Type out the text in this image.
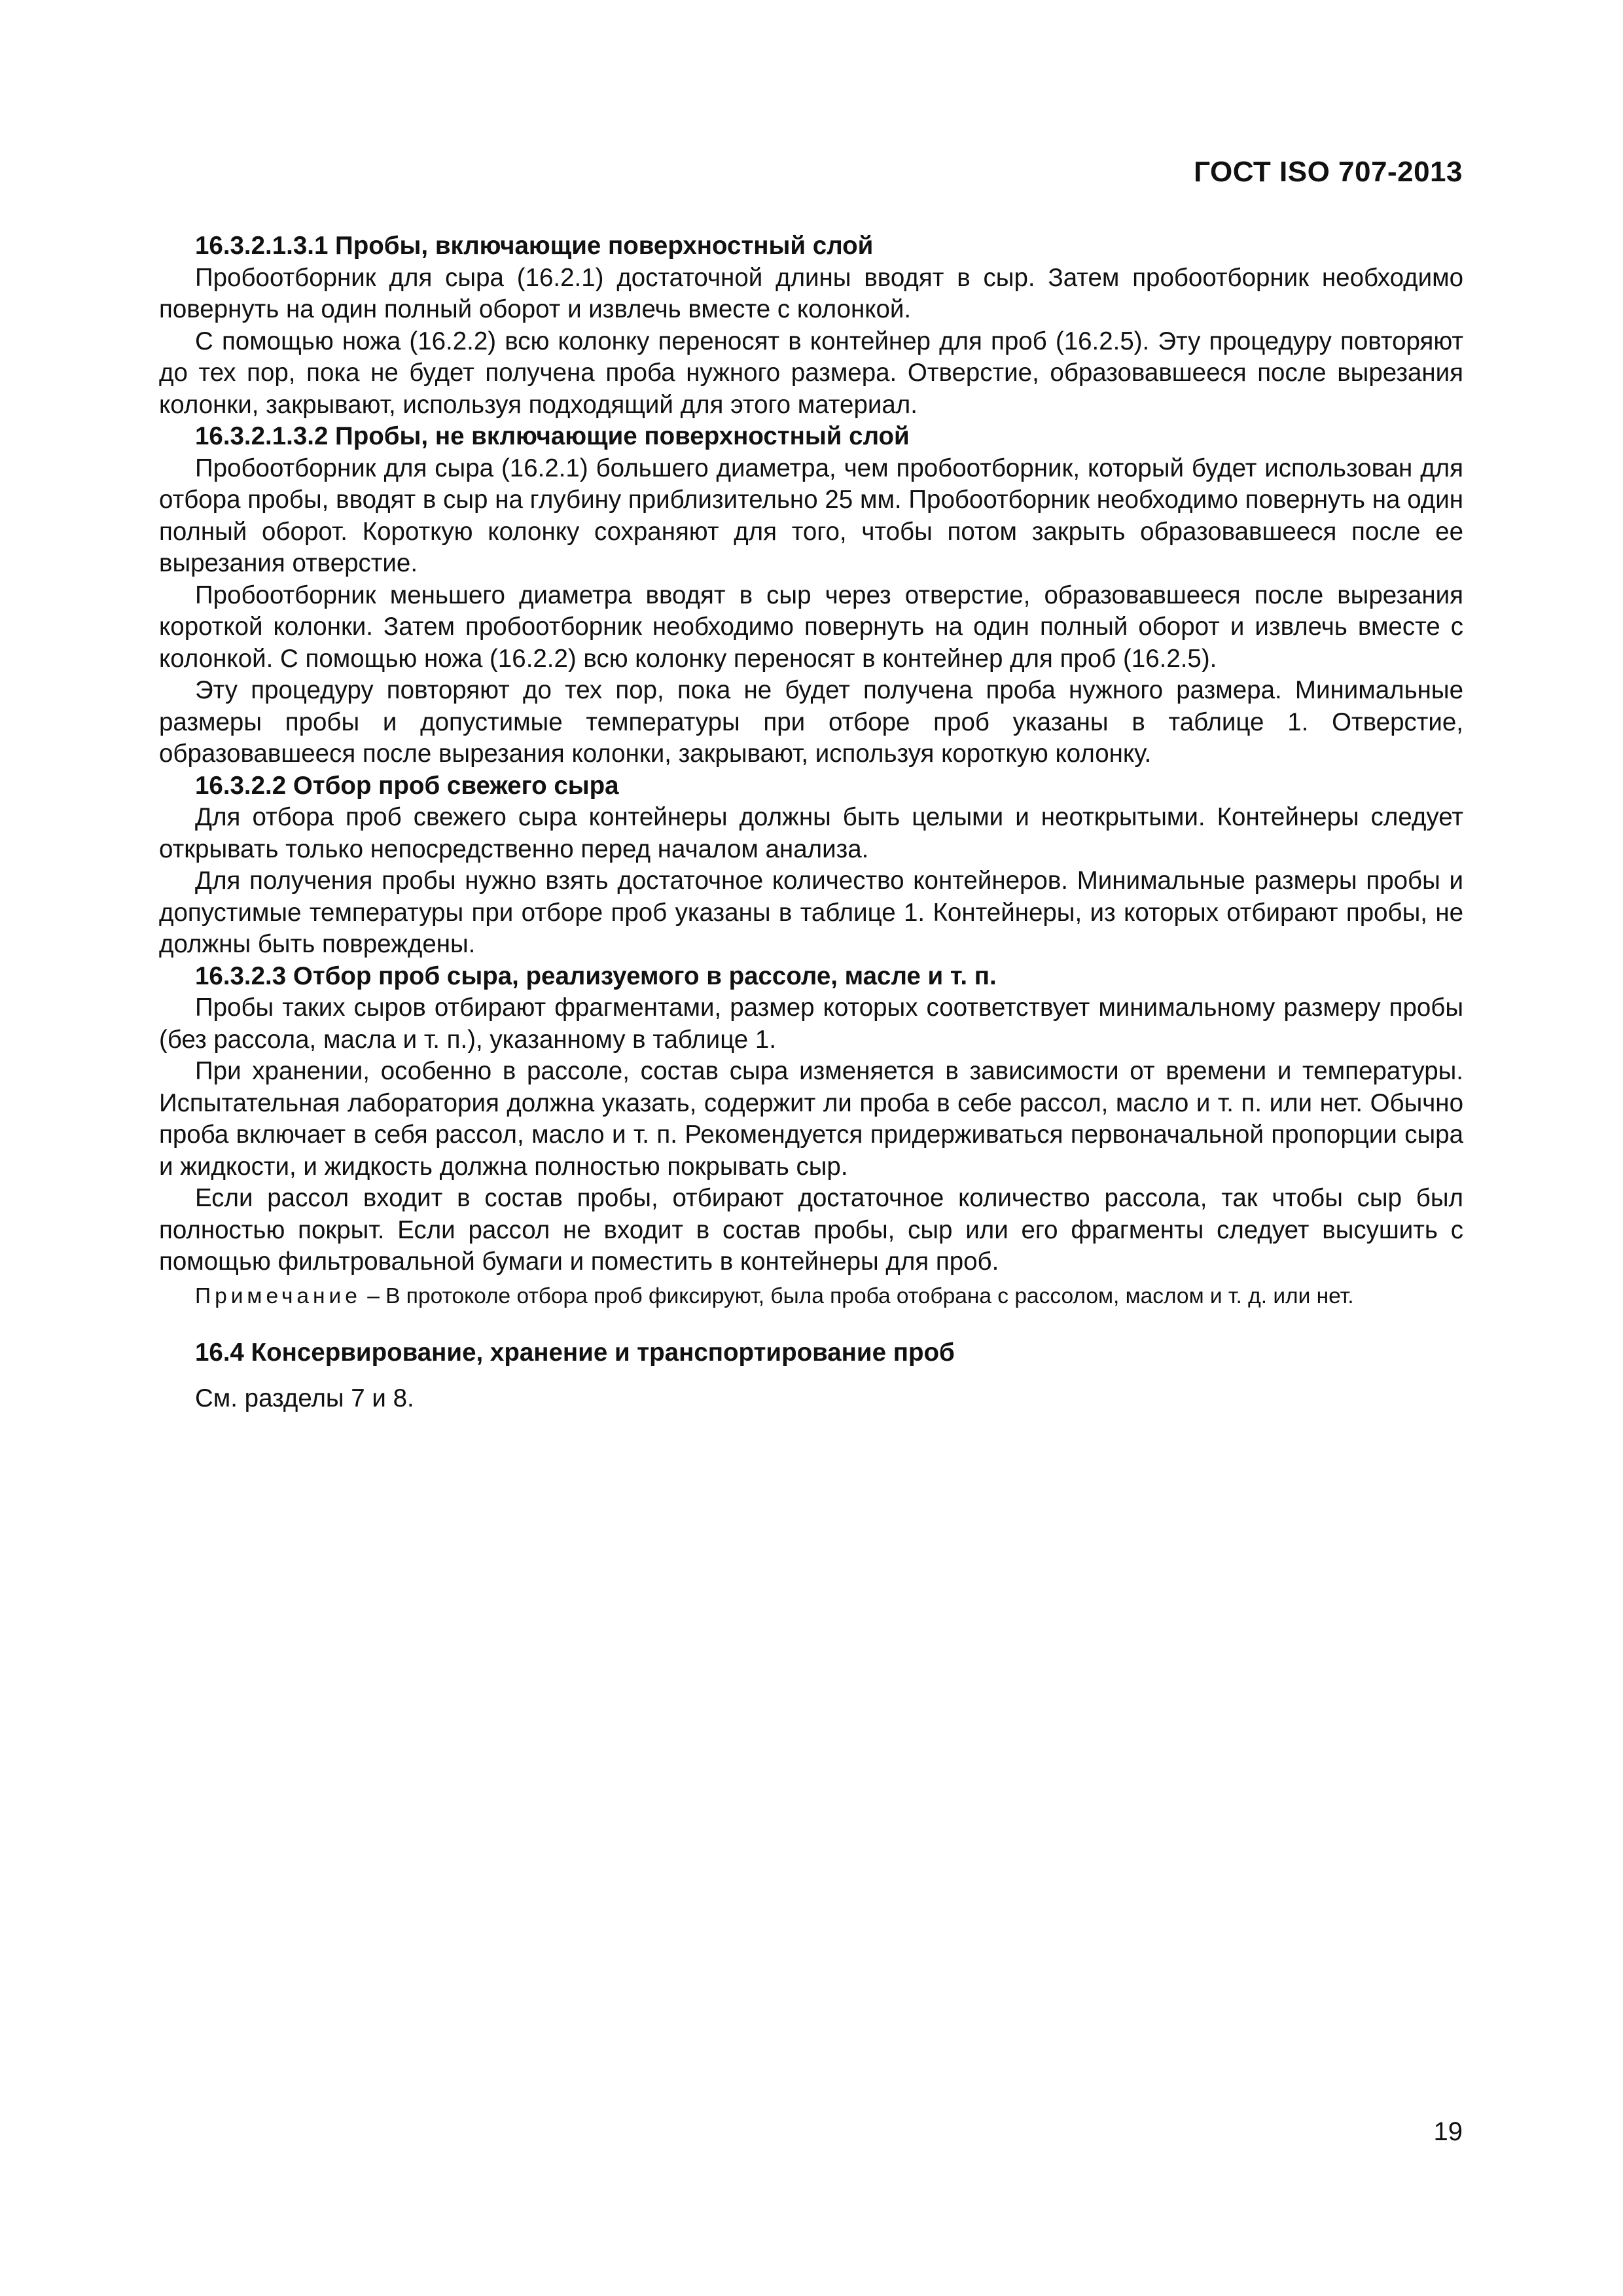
ГОСТ ISO 707-2013
16.3.2.1.3.1 Пробы, включающие поверхностный слой

Пробоотборник для сыра (16.2.1) достаточной длины вводят в сыр. Затем пробоотборник необходимо повернуть на один полный оборот и извлечь вместе с колонкой.

С помощью ножа (16.2.2) всю колонку переносят в контейнер для проб (16.2.5). Эту процедуру повторяют до тех пор, пока не будет получена проба нужного размера. Отверстие, образовавшееся после вырезания колонки, закрывают, используя подходящий для этого материал.

16.3.2.1.3.2 Пробы, не включающие поверхностный слой

Пробоотборник для сыра (16.2.1) большего диаметра, чем пробоотборник, который будет использован для отбора пробы, вводят в сыр на глубину приблизительно 25 мм. Пробоотборник необходимо повернуть на один полный оборот. Короткую колонку сохраняют для того, чтобы потом закрыть образовавшееся после ее вырезания отверстие.

Пробоотборник меньшего диаметра вводят в сыр через отверстие, образовавшееся после вырезания короткой колонки. Затем пробоотборник необходимо повернуть на один полный оборот и извлечь вместе с колонкой. С помощью ножа (16.2.2) всю колонку переносят в контейнер для проб (16.2.5).

Эту процедуру повторяют до тех пор, пока не будет получена проба нужного размера. Минимальные размеры пробы и допустимые температуры при отборе проб указаны в таблице 1. Отверстие, образовавшееся после вырезания колонки, закрывают, используя короткую колонку.

16.3.2.2 Отбор проб свежего сыра

Для отбора проб свежего сыра контейнеры должны быть целыми и неоткрытыми. Контейнеры следует открывать только непосредственно перед началом анализа.

Для получения пробы нужно взять достаточное количество контейнеров. Минимальные размеры пробы и допустимые температуры при отборе проб указаны в таблице 1. Контейнеры, из которых отбирают пробы, не должны быть повреждены.

16.3.2.3 Отбор проб сыра, реализуемого в рассоле, масле и т. п.

Пробы таких сыров отбирают фрагментами, размер которых соответствует минимальному размеру пробы (без рассола, масла и т. п.), указанному в таблице 1.

При хранении, особенно в рассоле, состав сыра изменяется в зависимости от времени и температуры. Испытательная лаборатория должна указать, содержит ли проба в себе рассол, масло и т. п. или нет. Обычно проба включает в себя рассол, масло и т. п. Рекомендуется придерживаться первоначальной пропорции сыра и жидкости, и жидкость должна полностью покрывать сыр.

Если рассол входит в состав пробы, отбирают достаточное количество рассола, так чтобы сыр был полностью покрыт. Если рассол не входит в состав пробы, сыр или его фрагменты следует высушить с помощью фильтровальной бумаги и поместить в контейнеры для проб.

Примечание – В протоколе отбора проб фиксируют, была проба отобрана с рассолом, маслом и т. д. или нет.

16.4 Консервирование, хранение и транспортирование проб

См. разделы 7 и 8.

19
